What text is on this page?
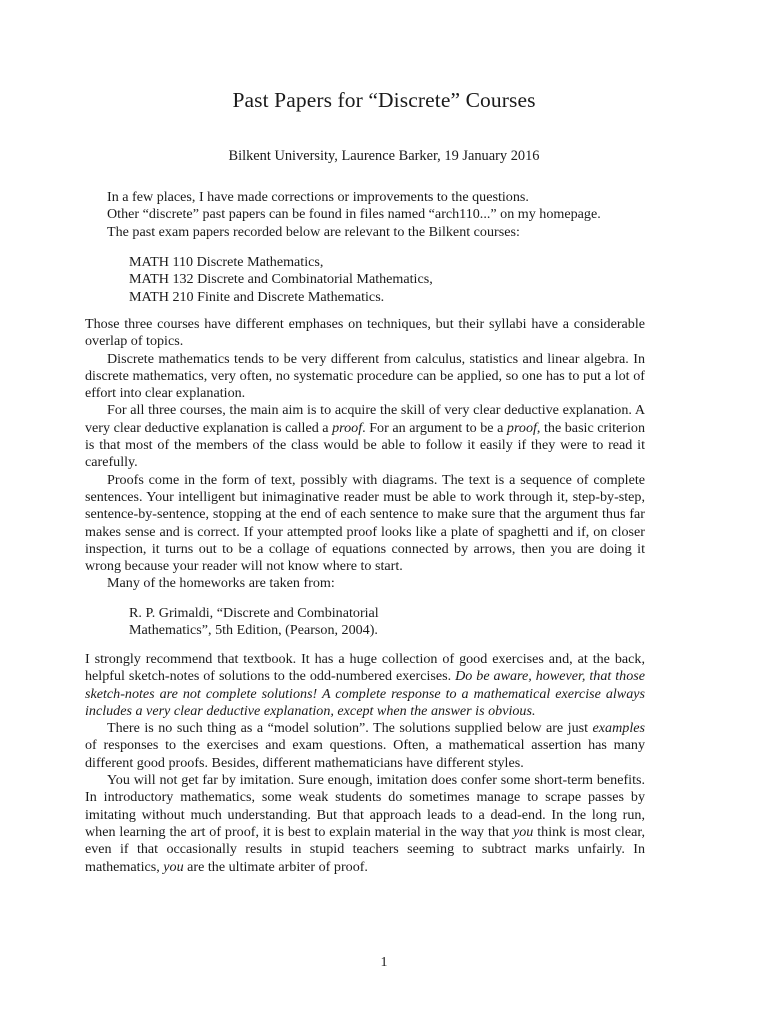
Past Papers for “Discrete” Courses
Bilkent University, Laurence Barker, 19 January 2016
In a few places, I have made corrections or improvements to the questions.
Other “discrete” past papers can be found in files named “arch110...” on my homepage.
The past exam papers recorded below are relevant to the Bilkent courses:
MATH 110 Discrete Mathematics,
MATH 132 Discrete and Combinatorial Mathematics,
MATH 210 Finite and Discrete Mathematics.

Those three courses have different emphases on techniques, but their syllabi have a considerable overlap of topics.

Discrete mathematics tends to be very different from calculus, statistics and linear algebra. In discrete mathematics, very often, no systematic procedure can be applied, so one has to put a lot of effort into clear explanation.

For all three courses, the main aim is to acquire the skill of very clear deductive explanation. A very clear deductive explanation is called a proof. For an argument to be a proof, the basic criterion is that most of the members of the class would be able to follow it easily if they were to read it carefully.

Proofs come in the form of text, possibly with diagrams. The text is a sequence of complete sentences. Your intelligent but inimaginative reader must be able to work through it, step-by-step, sentence-by-sentence, stopping at the end of each sentence to make sure that the argument thus far makes sense and is correct. If your attempted proof looks like a plate of spaghetti and if, on closer inspection, it turns out to be a collage of equations connected by arrows, then you are doing it wrong because your reader will not know where to start.

Many of the homeworks are taken from:

R. P. Grimaldi, “Discrete and Combinatorial
Mathematics”, 5th Edition, (Pearson, 2004).

I strongly recommend that textbook. It has a huge collection of good exercises and, at the back, helpful sketch-notes of solutions to the odd-numbered exercises. Do be aware, however, that those sketch-notes are not complete solutions! A complete response to a mathematical exercise always includes a very clear deductive explanation, except when the answer is obvious.

There is no such thing as a “model solution”. The solutions supplied below are just examples of responses to the exercises and exam questions. Often, a mathematical assertion has many different good proofs. Besides, different mathematicians have different styles.

You will not get far by imitation. Sure enough, imitation does confer some short-term benefits. In introductory mathematics, some weak students do sometimes manage to scrape passes by imitating without much understanding. But that approach leads to a dead-end. In the long run, when learning the art of proof, it is best to explain material in the way that you think is most clear, even if that occasionally results in stupid teachers seeming to subtract marks unfairly. In mathematics, you are the ultimate arbiter of proof.

1
